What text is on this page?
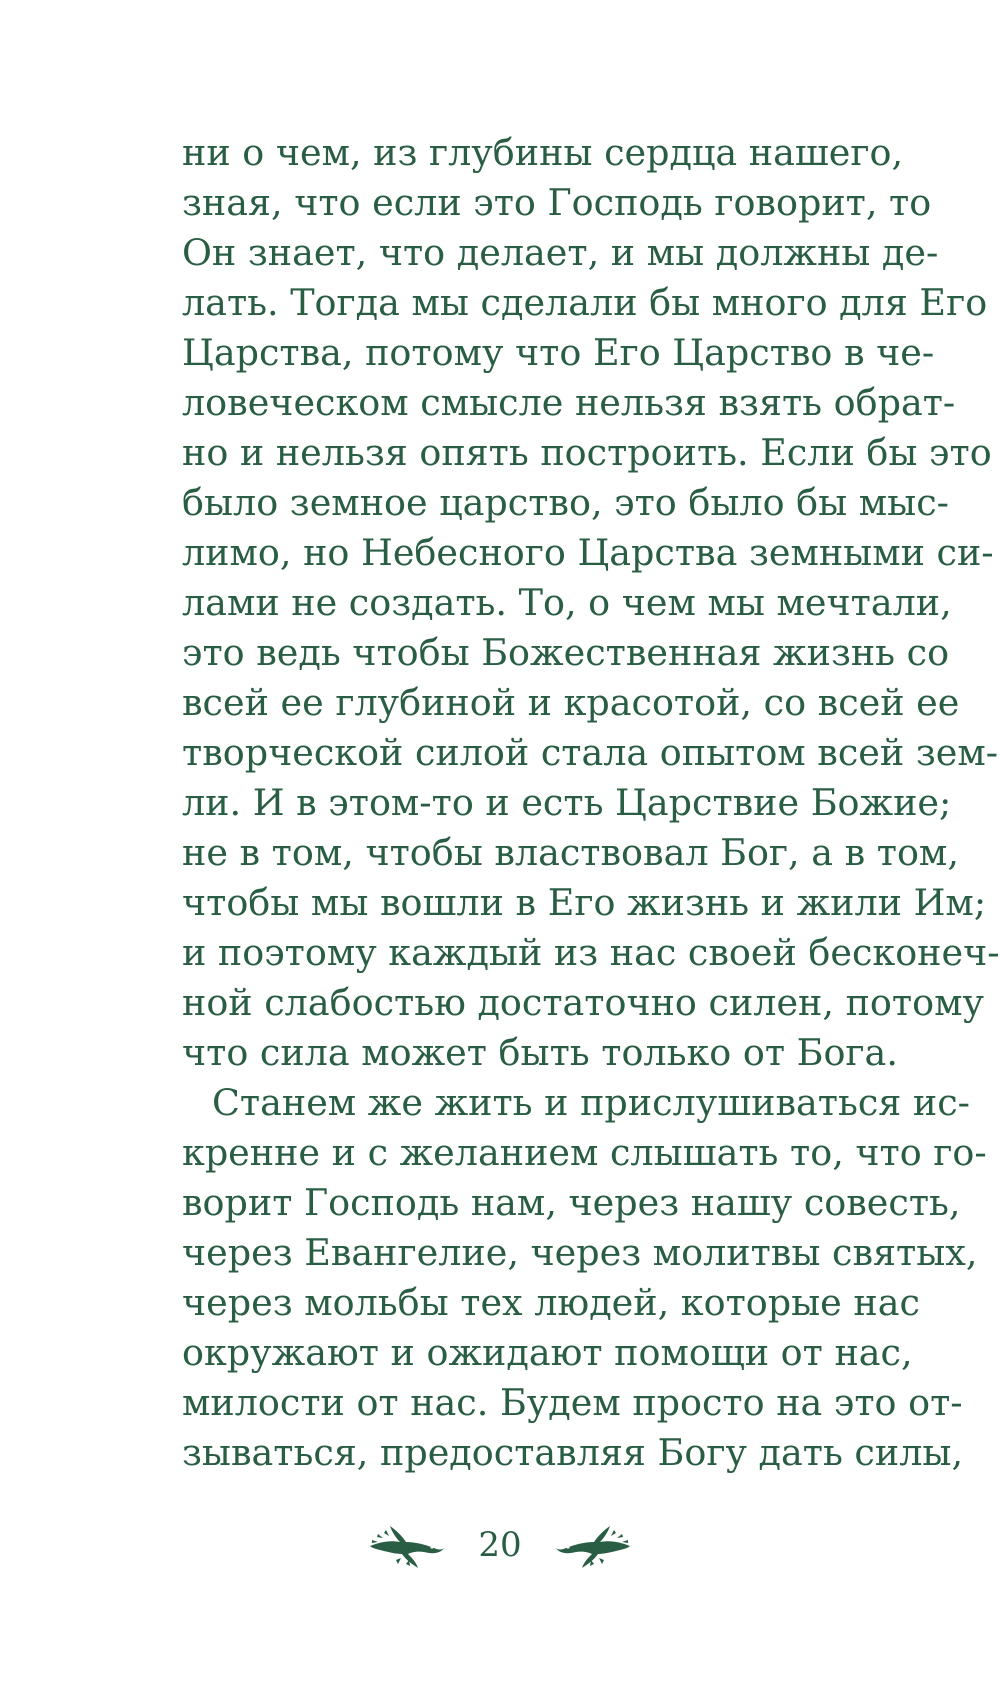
ни о чем, из глубины сердца нашего,
зная, что если это Господь говорит, то
Он знает, что делает, и мы должны де-
лать. Тогда мы сделали бы много для Его
Царства, потому что Его Царство в че-
ловеческом смысле нельзя взять обрат-
но и нельзя опять построить. Если бы это
было земное царство, это было бы мыс-
лимо, но Небесного Царства земными си-
лами не создать. То, о чем мы мечтали,
это ведь чтобы Божественная жизнь со
всей ее глубиной и красотой, со всей ее
творческой силой стала опытом всей зем-
ли. И в этом-то и есть Царствие Божие;
не в том, чтобы властвовал Бог, а в том,
чтобы мы вошли в Его жизнь и жили Им;
и поэтому каждый из нас своей бесконеч-
ной слабостью достаточно силен, потому
что сила может быть только от Бога.
Станем же жить и прислушиваться ис-
кренне и с желанием слышать то, что го-
ворит Господь нам, через нашу совесть,
через Евангелие, через молитвы святых,
через мольбы тех людей, которые нас
окружают и ожидают помощи от нас,
милости от нас. Будем просто на это от-
зываться, предоставляя Богу дать силы,
20
